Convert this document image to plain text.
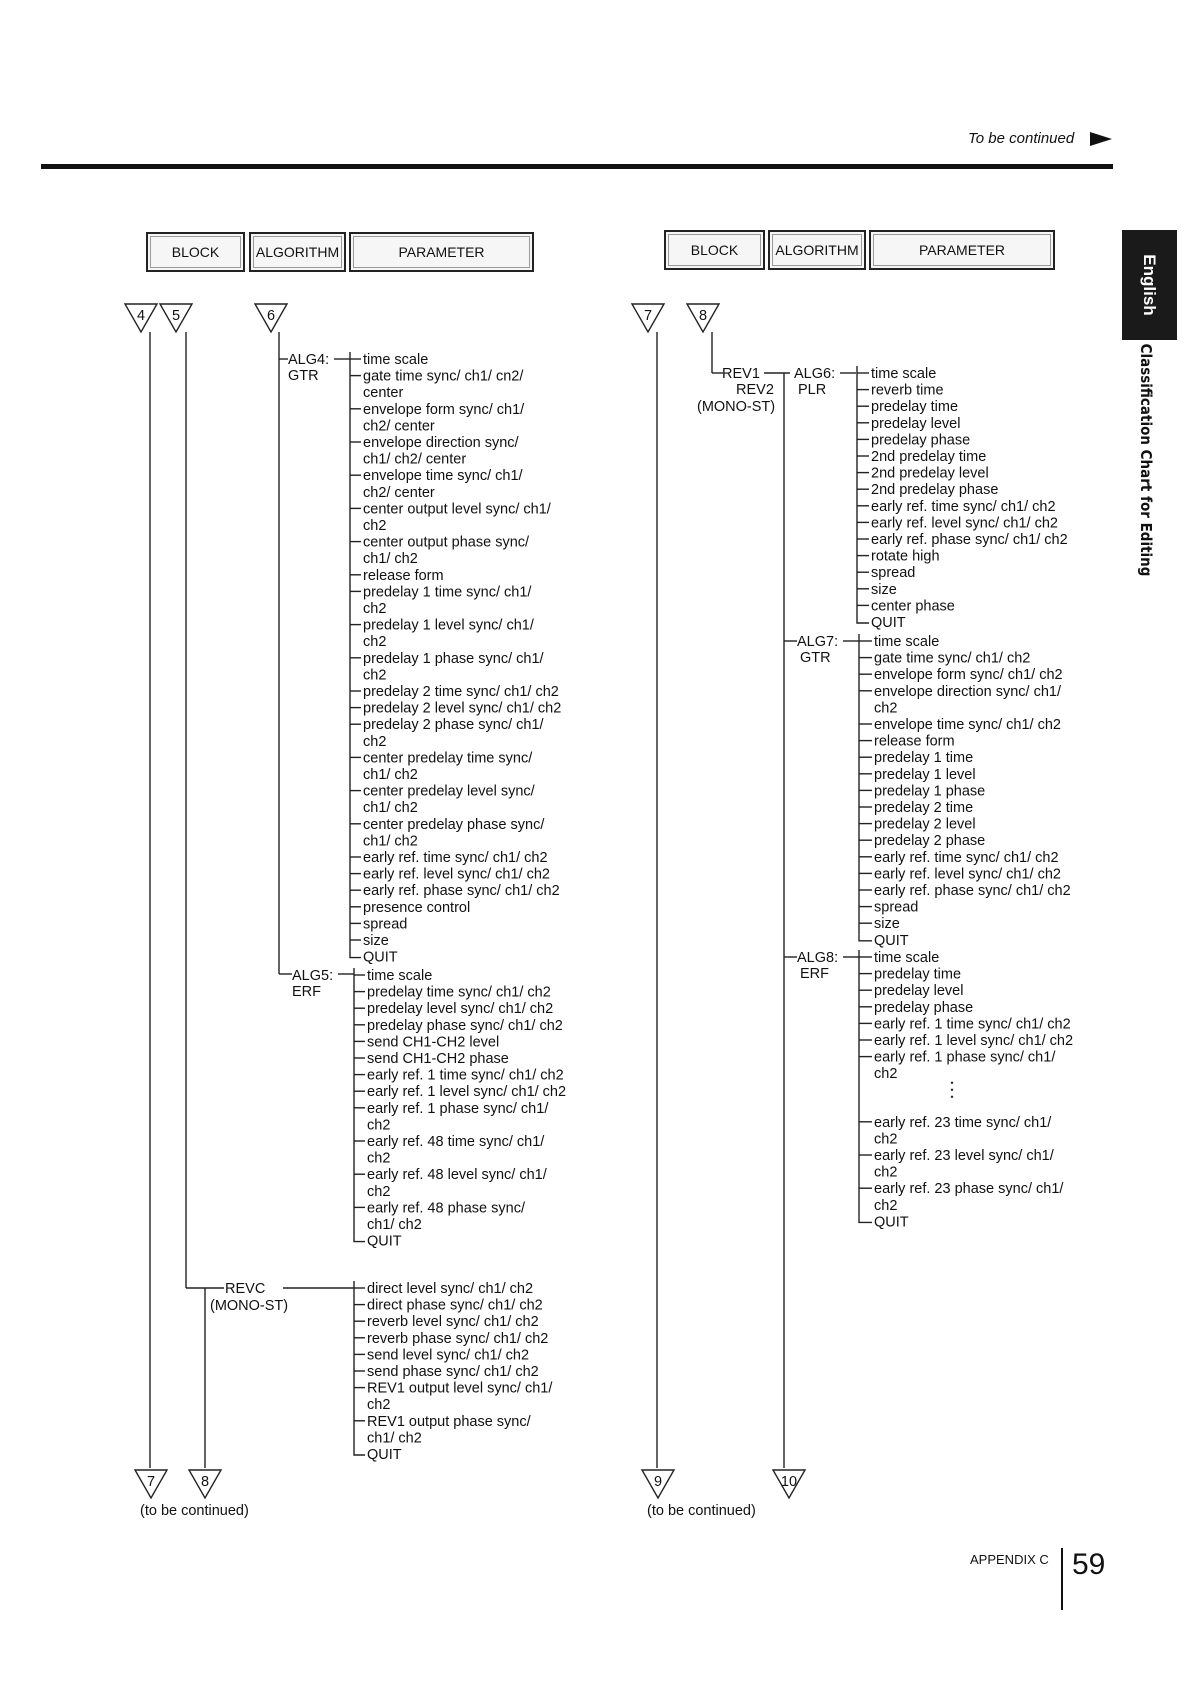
To be continued
BLOCK	ALGORITHM	PARAMETER	BLOCK	ALGORITHM	PARAMETER
English
Classification Chart for Editing
APPENDIX C 59
4 5	6
ALG4:
GTR
time scale
gate time sync/ ch1/ cn2/
center
envelope form sync/ ch1/
ch2/ center
envelope direction sync/
ch1/ ch2/ center
envelope time sync/ ch1/
ch2/ center
center output level sync/ ch1/
ch2
center output phase sync/
ch1/ ch2
release form
predelay 1 time sync/ ch1/
ch2
predelay 1 level sync/ ch1/
ch2
predelay 1 phase sync/ ch1/
ch2
predelay 2 time sync/ ch1/ ch2
predelay 2 level sync/ ch1/ ch2
predelay 2 phase sync/ ch1/
ch2
center predelay time sync/
ch1/ ch2
center predelay level sync/
ch1/ ch2
center predelay phase sync/
ch1/ ch2
early ref. time sync/ ch1/ ch2
early ref. level sync/ ch1/ ch2
early ref. phase sync/ ch1/ ch2
presence control
spread
size
QUIT
ALG5:
ERF
time scale
predelay time sync/ ch1/ ch2
predelay level sync/ ch1/ ch2
predelay phase sync/ ch1/ ch2
send CH1-CH2 level
send CH1-CH2 phase
early ref. 1 time sync/ ch1/ ch2
early ref. 1 level sync/ ch1/ ch2
early ref. 1 phase sync/ ch1/
ch2
early ref. 48 time sync/ ch1/
ch2
early ref. 48 level sync/ ch1/
ch2
early ref. 48 phase sync/
ch1/ ch2
QUIT
REVC
(MONO-ST)
direct level sync/ ch1/ ch2
direct phase sync/ ch1/ ch2
reverb level sync/ ch1/ ch2
reverb phase sync/ ch1/ ch2
send level sync/ ch1/ ch2
send phase sync/ ch1/ ch2
REV1 output level sync/ ch1/
ch2
REV1 output phase sync/
ch1/ ch2
QUIT
7	8
(to be continued)
7	8
REV1
REV2
(MONO-ST)
ALG6:
PLR
time scale
reverb time
predelay time
predelay level
predelay phase
2nd predelay time
2nd predelay level
2nd predelay phase
early ref. time sync/ ch1/ ch2
early ref. level sync/ ch1/ ch2
early ref. phase sync/ ch1/ ch2
rotate high
spread
size
center phase
QUIT
ALG7:
GTR
time scale
gate time sync/ ch1/ ch2
envelope form sync/ ch1/ ch2
envelope direction sync/ ch1/
ch2
envelope time sync/ ch1/ ch2
release form
predelay 1 time
predelay 1 level
predelay 1 phase
predelay 2 time
predelay 2 level
predelay 2 phase
early ref. time sync/ ch1/ ch2
early ref. level sync/ ch1/ ch2
early ref. phase sync/ ch1/ ch2
spread
size
QUIT
ALG8:
ERF
time scale
predelay time
predelay level
predelay phase
early ref. 1 time sync/ ch1/ ch2
early ref. 1 level sync/ ch1/ ch2
early ref. 1 phase sync/ ch1/
ch2
early ref. 23 time sync/ ch1/
ch2
early ref. 23 level sync/ ch1/
ch2
early ref. 23 phase sync/ ch1/
ch2
QUIT
9	10
(to be continued)
